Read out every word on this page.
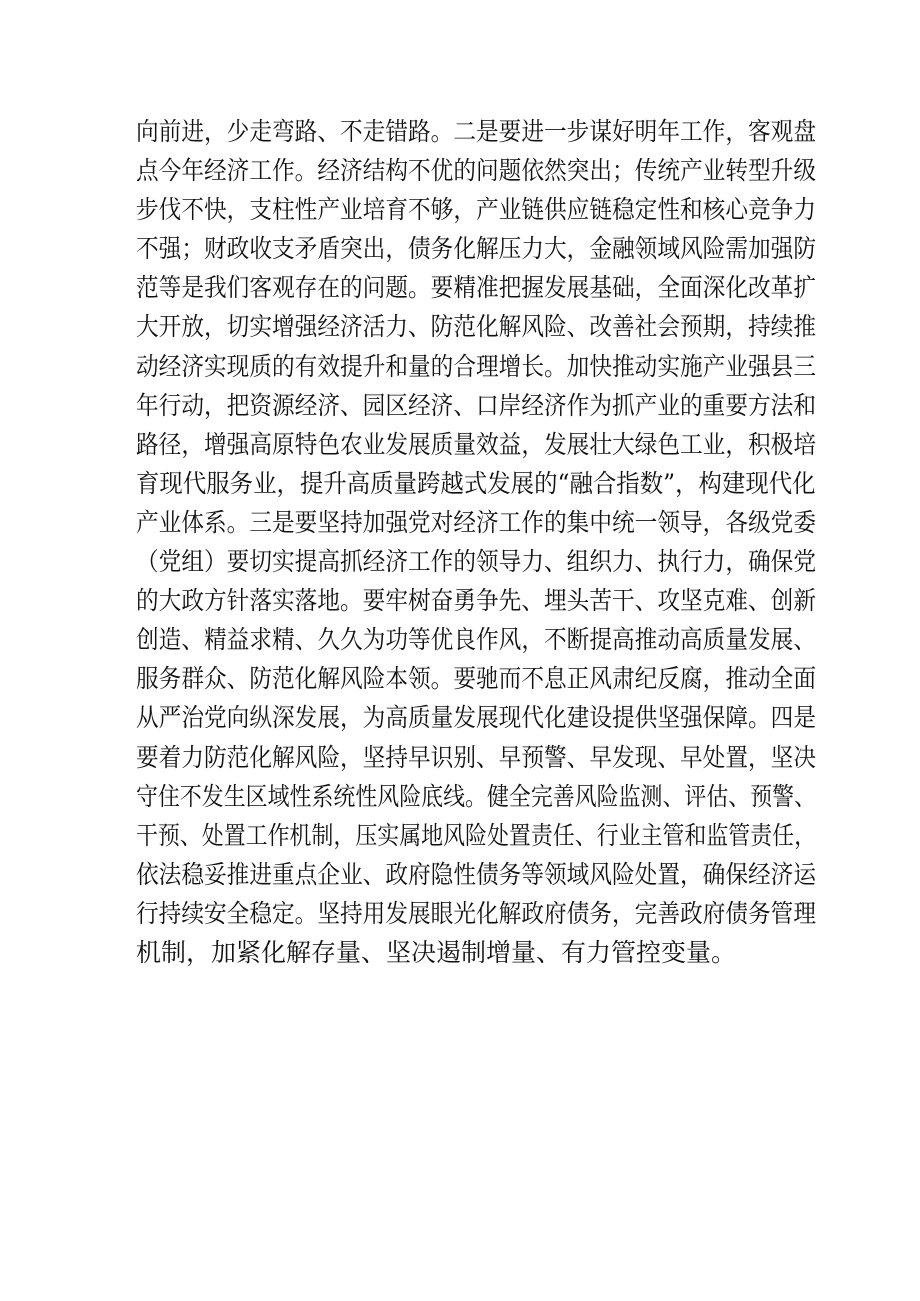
向前进，少走弯路、不走错路。二是要进一步谋好明年工作，客观盘
点今年经济工作。经济结构不优的问题依然突出；传统产业转型升级
步伐不快，支柱性产业培育不够，产业链供应链稳定性和核心竞争力
不强；财政收支矛盾突出，债务化解压力大，金融领域风险需加强防
范等是我们客观存在的问题。要精准把握发展基础，全面深化改革扩
大开放，切实增强经济活力、防范化解风险、改善社会预期，持续推
动经济实现质的有效提升和量的合理增长。加快推动实施产业强县三
年行动，把资源经济、园区经济、口岸经济作为抓产业的重要方法和
路径，增强高原特色农业发展质量效益，发展壮大绿色工业，积极培
育现代服务业，提升高质量跨越式发展的“融合指数”，构建现代化
产业体系。三是要坚持加强党对经济工作的集中统一领导，各级党委
（党组）要切实提高抓经济工作的领导力、组织力、执行力，确保党
的大政方针落实落地。要牢树奋勇争先、埋头苦干、攻坚克难、创新
创造、精益求精、久久为功等优良作风，不断提高推动高质量发展、
服务群众、防范化解风险本领。要驰而不息正风肃纪反腐，推动全面
从严治党向纵深发展，为高质量发展现代化建设提供坚强保障。四是
要着力防范化解风险，坚持早识别、早预警、早发现、早处置，坚决
守住不发生区域性系统性风险底线。健全完善风险监测、评估、预警、
干预、处置工作机制，压实属地风险处置责任、行业主管和监管责任，
依法稳妥推进重点企业、政府隐性债务等领域风险处置，确保经济运
行持续安全稳定。坚持用发展眼光化解政府债务，完善政府债务管理
机制，加紧化解存量、坚决遏制增量、有力管控变量。
